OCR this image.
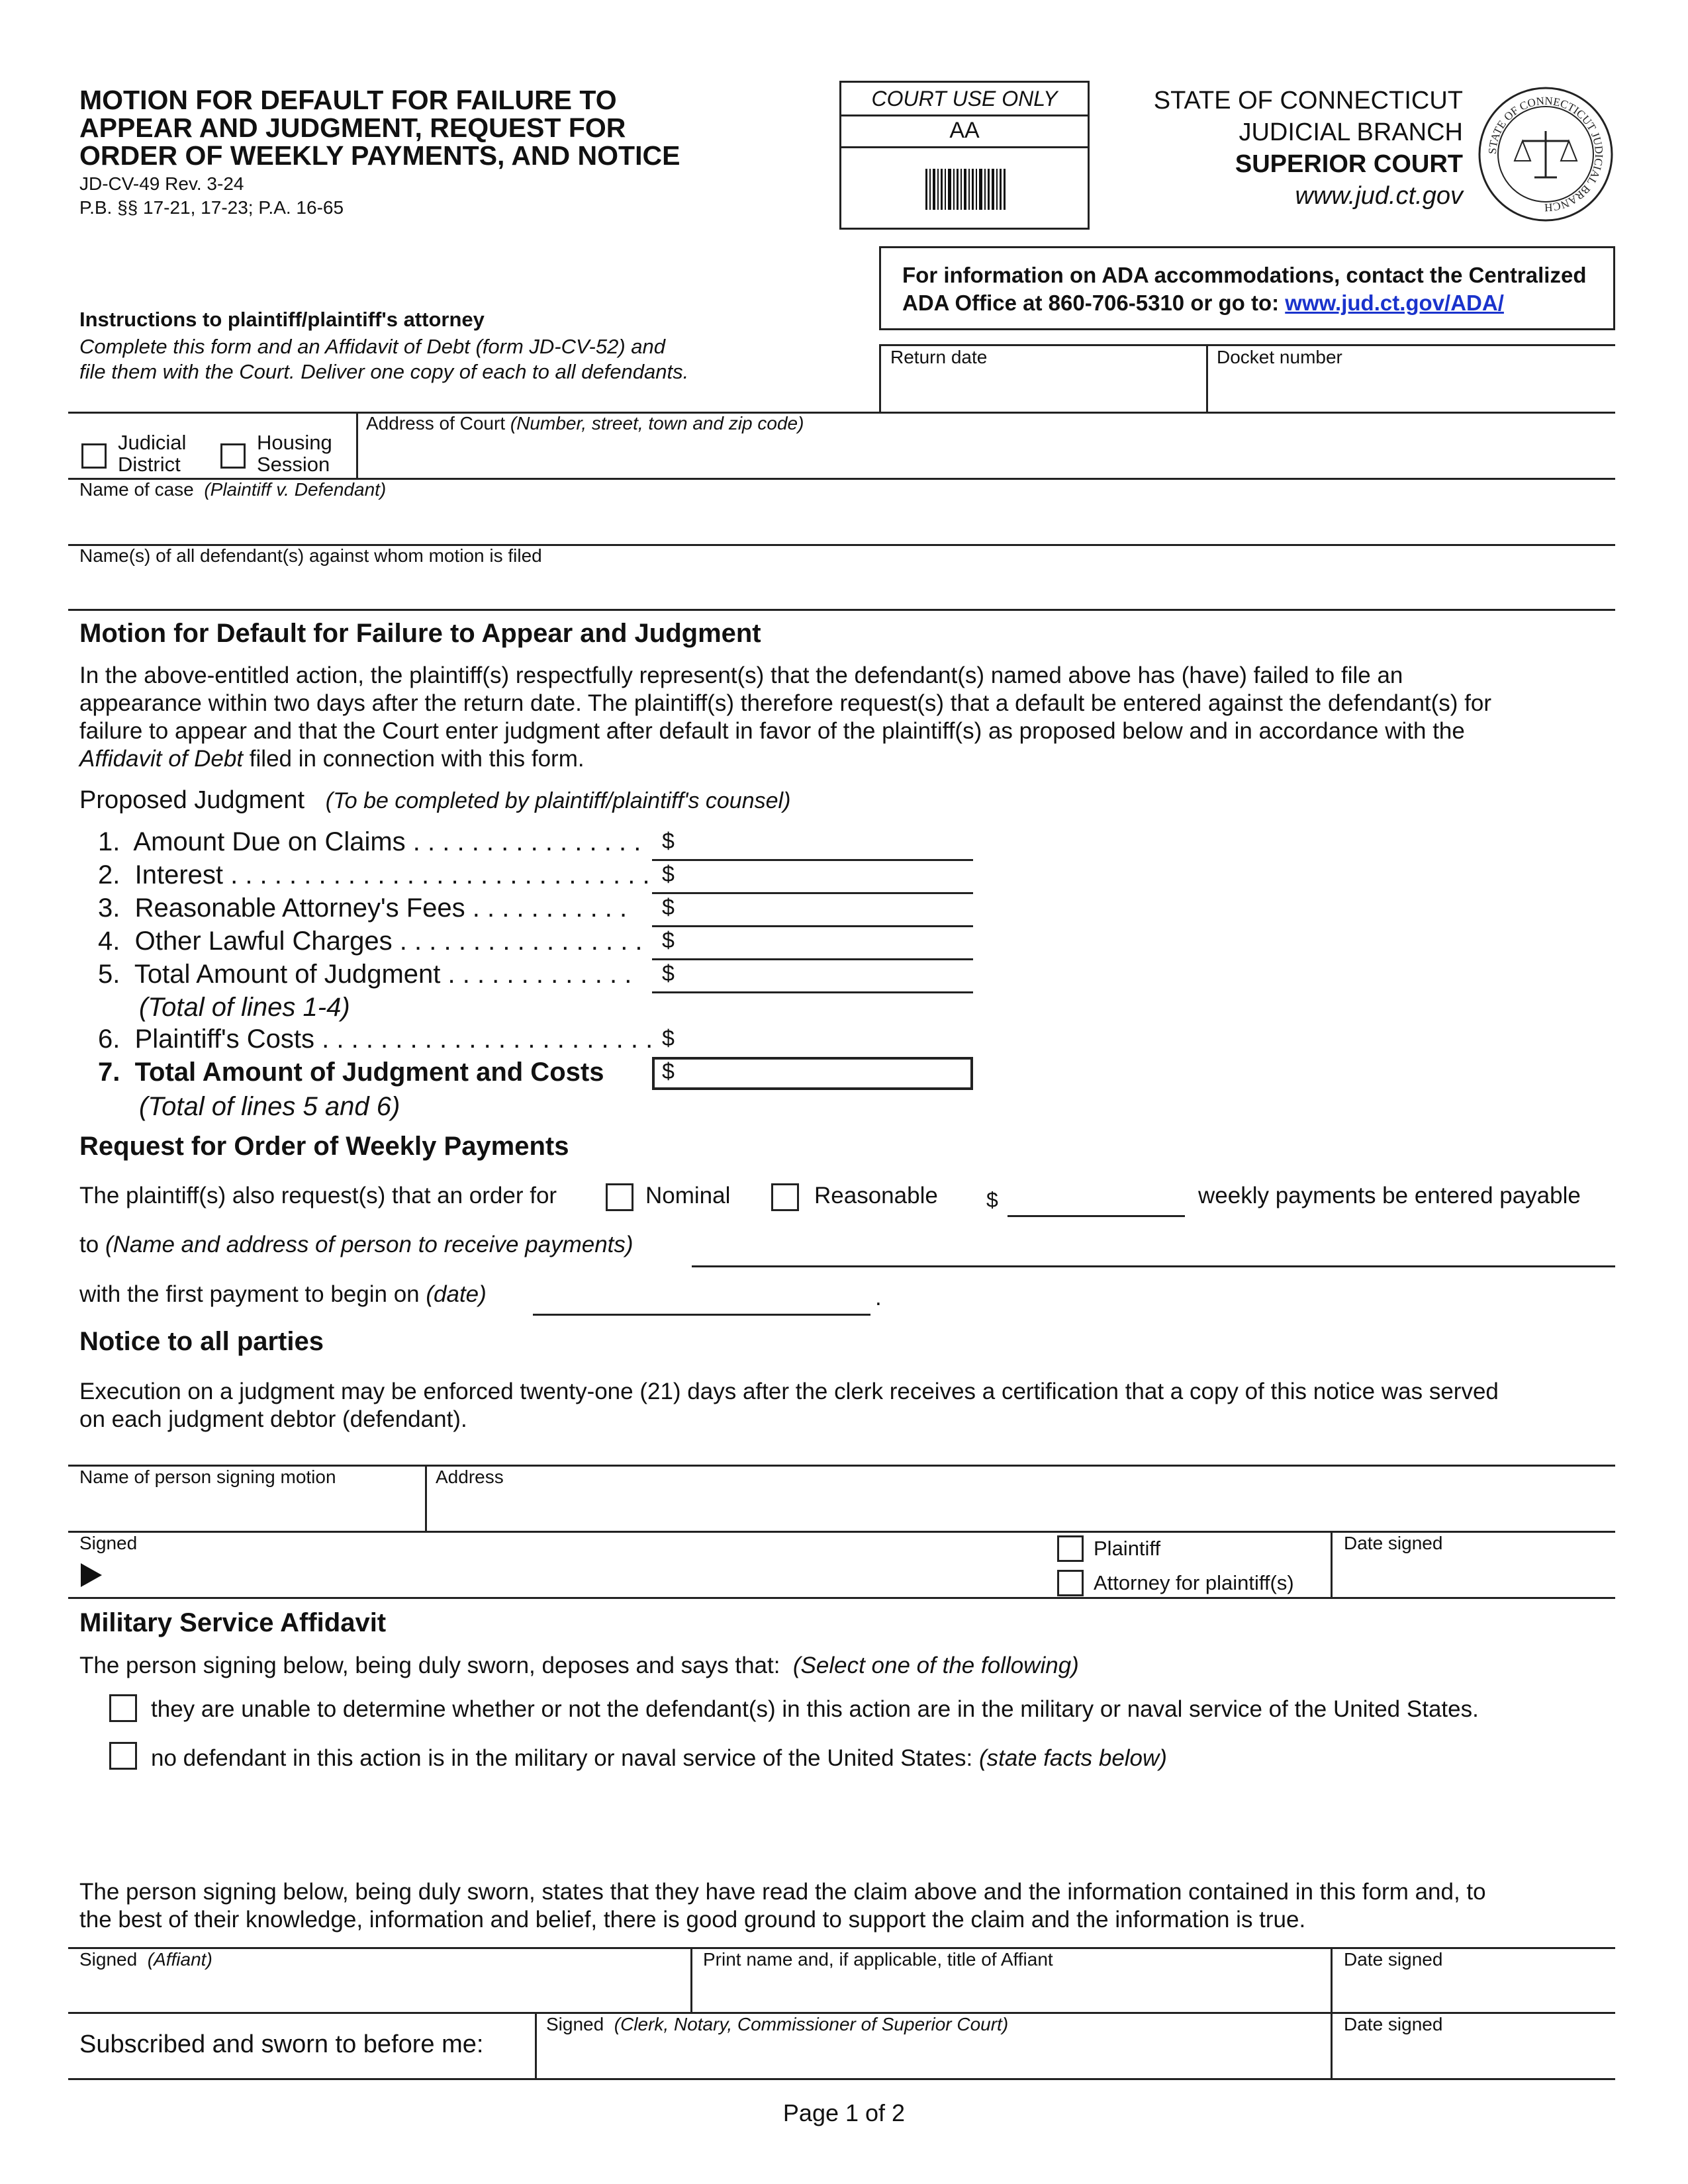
MOTION FOR DEFAULT FOR FAILURE TO
APPEAR AND JUDGMENT, REQUEST FOR
ORDER OF WEEKLY PAYMENTS, AND NOTICE
JD-CV-49 Rev. 3-24
P.B. §§ 17-21, 17-23; P.A. 16-65
COURT USE ONLY
AA
STATE OF CONNECTICUT
JUDICIAL BRANCH
SUPERIOR COURT
www.jud.ct.gov
STATE OF CONNECTICUT JUDICIAL BRANCH
For information on ADA accommodations, contact the Centralized
ADA Office at 860-706-5310 or go to: www.jud.ct.gov/ADA/
Instructions to plaintiff/plaintiff's attorney
Complete this form and an Affidavit of Debt (form JD-CV-52) and
file them with the Court. Deliver one copy of each to all defendants.
Return date	Docket number
Judicial
District
Housing
Session
Address of Court (Number, street, town and zip code)
Name of case (Plaintiff v. Defendant)
Name(s) of all defendant(s) against whom motion is filed
Motion for Default for Failure to Appear and Judgment
In the above-entitled action, the plaintiff(s) respectfully represent(s) that the defendant(s) named above has (have) failed to file an
appearance within two days after the return date. The plaintiff(s) therefore request(s) that a default be entered against the defendant(s) for
failure to appear and that the Court enter judgment after default in favor of the plaintiff(s) as proposed below and in accordance with the
Affidavit of Debt filed in connection with this form.
Proposed Judgment (To be completed by plaintiff/plaintiff's counsel)
1. Amount Due on Claims . . . . . . . . . . . . . . . . $
2. Interest . . . . . . . . . . . . . . . . . . . . . . . . . . . . . $
3. Reasonable Attorney's Fees . . . . . . . . . . . $
4. Other Lawful Charges . . . . . . . . . . . . . . . . . $
5. Total Amount of Judgment . . . . . . . . . . . . . $
(Total of lines 1-4)
6. Plaintiff's Costs . . . . . . . . . . . . . . . . . . . . . . . $
7. Total Amount of Judgment and Costs	$
(Total of lines 5 and 6)
Request for Order of Weekly Payments
The plaintiff(s) also request(s) that an order for	Nominal	Reasonable $	weekly payments be entered payable
to (Name and address of person to receive payments)
with the first payment to begin on (date)	.
Notice to all parties
Execution on a judgment may be enforced twenty-one (21) days after the clerk receives a certification that a copy of this notice was served
on each judgment debtor (defendant).
Name of person signing motion	Address
Signed	Plaintiff
Attorney for plaintiff(s)
Date signed
Military Service Affidavit
The person signing below, being duly sworn, deposes and says that: (Select one of the following)
they are unable to determine whether or not the defendant(s) in this action are in the military or naval service of the United States.
no defendant in this action is in the military or naval service of the United States: (state facts below)
The person signing below, being duly sworn, states that they have read the claim above and the information contained in this form and, to
the best of their knowledge, information and belief, there is good ground to support the claim and the information is true.
Signed (Affiant)	Print name and, if applicable, title of Affiant	Date signed
Subscribed and sworn to before me:
Signed (Clerk, Notary, Commissioner of Superior Court)	Date signed
Page 1 of 2
